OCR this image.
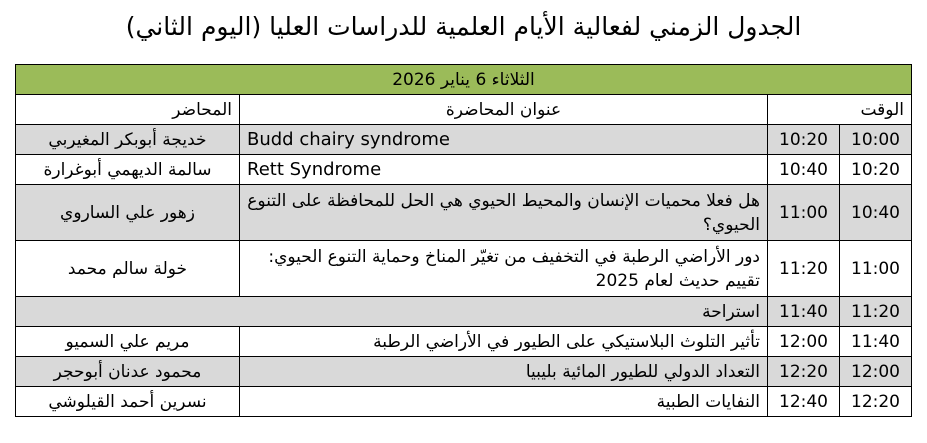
الجدول الزمني لفعالية الأيام العلمية للدراسات العليا (اليوم الثاني)
الثلاثاء 6 يناير 2026			
الوقت		عنوان المحاضرة	المحاضر
10:00	10:20	Budd chairy syndrome	خديجة أبوبكر المغيربي
10:20	10:40	Rett Syndrome	سالمة الديهمي أبوغرارة
10:40	11:00	هل فعلا محميات الإنسان والمحيط الحيوي هي الحل للمحافظة على التنوع الحيوي؟	زهور علي الساروي
11:00	11:20	دور الأراضي الرطبة في التخفيف من تغيّر المناخ وحماية التنوع الحيوي: تقييم حديث لعام 2025	خولة سالم محمد
11:20	11:40	استراحة	
11:40	12:00	تأثير التلوث البلاستيكي على الطيور في الأراضي الرطبة	مريم علي السميو
12:00	12:20	التعداد الدولي للطيور المائية بليبيا	محمود عدنان أبوحجر
12:20	12:40	النفايات الطبية	نسرين أحمد القيلوشي
